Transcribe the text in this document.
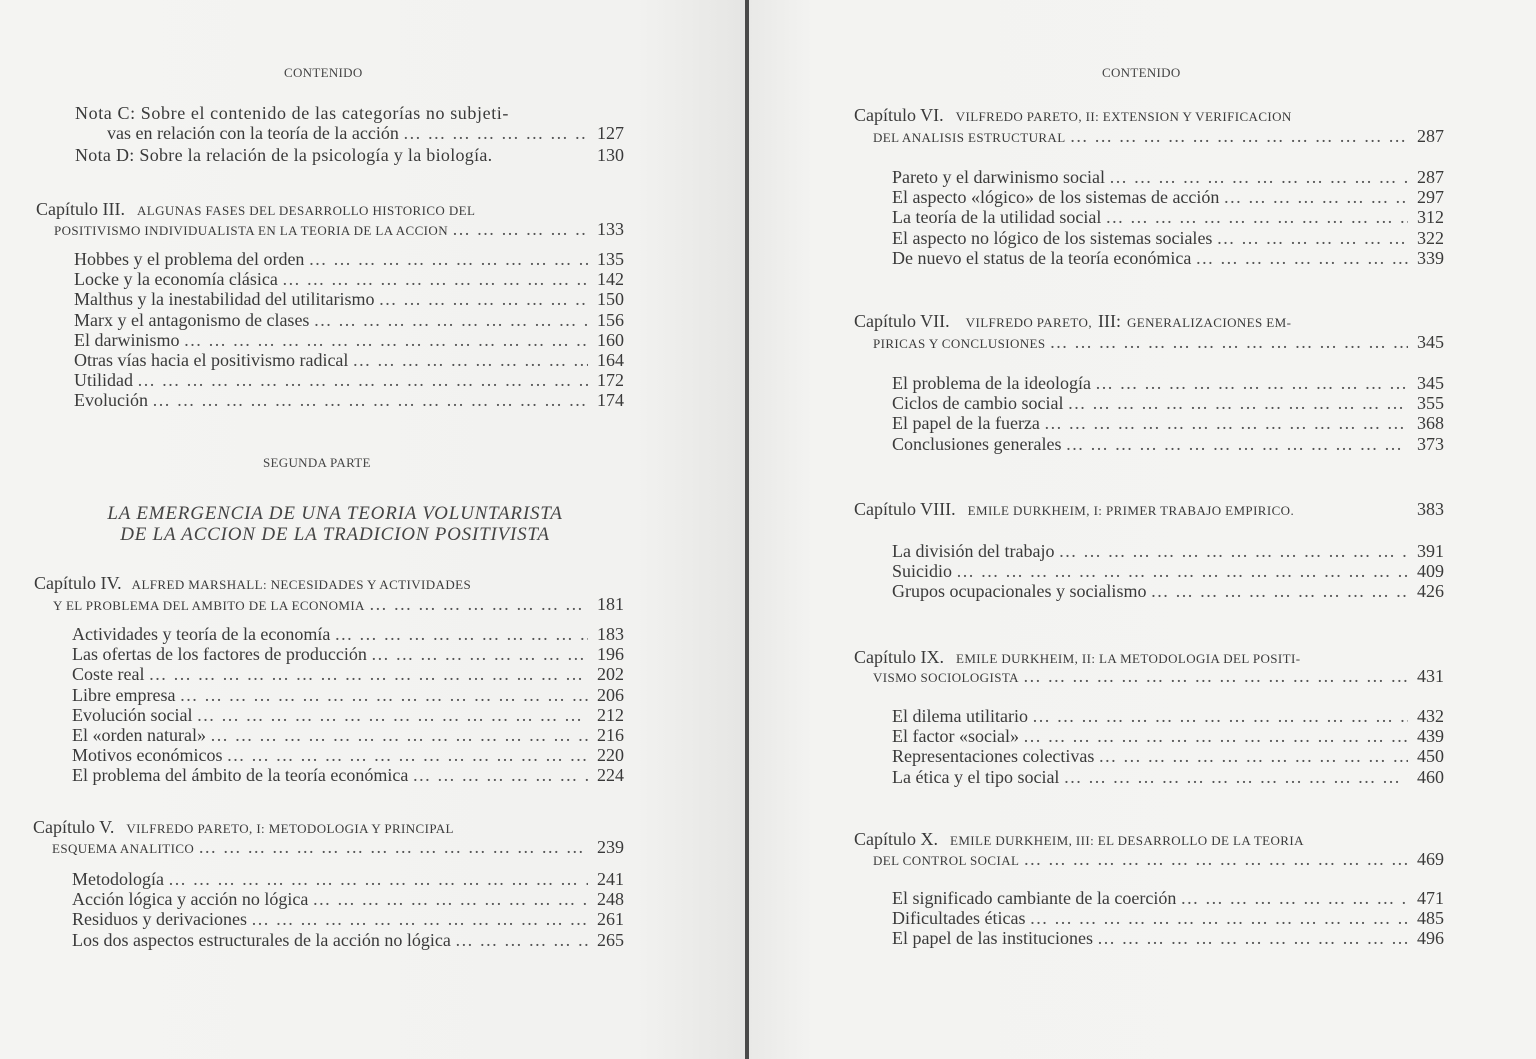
CONTENIDO
Nota C: Sobre el contenido de las categorías no subjeti-
vas en relación con la teoría de la acción … … … … … … … … … … … … … … … … … … … … … … … … … … … … … … … … … … … …	127
Nota D: Sobre la relación de la psicología y la biología.	130
Capítulo III. ALGUNAS FASES DEL DESARROLLO HISTORICO DEL
POSITIVISMO INDIVIDUALISTA EN LA TEORIA DE LA ACCION … … … … … … … … … … … … … … … … … … … … … … … … … … … … … … … … … … … …	133
Hobbes y el problema del orden … … … … … … … … … … … … … … … … … … … … … … … … … … … … … … … … … … … …	135
Locke y la economía clásica … … … … … … … … … … … … … … … … … … … … … … … … … … … … … … … … … … … …	142
Malthus y la inestabilidad del utilitarismo … … … … … … … … … … … … … … … … … … … … … … … … … … … … … … … … … … … …	150
Marx y el antagonismo de clases … … … … … … … … … … … … … … … … … … … … … … … … … … … … … … … … … … … …	156
El darwinismo … … … … … … … … … … … … … … … … … … … … … … … … … … … … … … … … … … … …	160
Otras vías hacia el positivismo radical … … … … … … … … … … … … … … … … … … … … … … … … … … … … … … … … … … … …	164
Utilidad … … … … … … … … … … … … … … … … … … … … … … … … … … … … … … … … … … … …	172
Evolución … … … … … … … … … … … … … … … … … … … … … … … … … … … … … … … … … … … …	174
SEGUNDA PARTE
LA EMERGENCIA DE UNA TEORIA VOLUNTARISTA
DE LA ACCION DE LA TRADICION POSITIVISTA
Capítulo IV. ALFRED MARSHALL: NECESIDADES Y ACTIVIDADES
Y EL PROBLEMA DEL AMBITO DE LA ECONOMIA … … … … … … … … … … … … … … … … … … … … … … … … … … … … … … … … … … … …	181
Actividades y teoría de la economía … … … … … … … … … … … … … … … … … … … … … … … … … … … … … … … … … … … …	183
Las ofertas de los factores de producción … … … … … … … … … … … … … … … … … … … … … … … … … … … … … … … … … … … …	196
Coste real … … … … … … … … … … … … … … … … … … … … … … … … … … … … … … … … … … … …	202
Libre empresa … … … … … … … … … … … … … … … … … … … … … … … … … … … … … … … … … … … …	206
Evolución social … … … … … … … … … … … … … … … … … … … … … … … … … … … … … … … … … … … …	212
El «orden natural» … … … … … … … … … … … … … … … … … … … … … … … … … … … … … … … … … … … …	216
Motivos económicos … … … … … … … … … … … … … … … … … … … … … … … … … … … … … … … … … … … …	220
El problema del ámbito de la teoría económica … … … … … … … … … … … … … … … … … … … … … … … … … … … … … … … … … … … …	224
Capítulo V. VILFREDO PARETO, I: METODOLOGIA Y PRINCIPAL
ESQUEMA ANALITICO … … … … … … … … … … … … … … … … … … … … … … … … … … … … … … … … … … … …	239
Metodología … … … … … … … … … … … … … … … … … … … … … … … … … … … … … … … … … … … …	241
Acción lógica y acción no lógica … … … … … … … … … … … … … … … … … … … … … … … … … … … … … … … … … … … …	248
Residuos y derivaciones … … … … … … … … … … … … … … … … … … … … … … … … … … … … … … … … … … … …	261
Los dos aspectos estructurales de la acción no lógica … … … … … … … … … … … … … … … … … … … … … … … … … … … … … … … … … … … …	265
CONTENIDO
Capítulo VI. VILFREDO PARETO, II: EXTENSION Y VERIFICACION
DEL ANALISIS ESTRUCTURAL … … … … … … … … … … … … … … … … … … … … … … … … … … … … … … … … … … … …	287
Pareto y el darwinismo social … … … … … … … … … … … … … … … … … … … … … … … … … … … … … … … … … … … …	287
El aspecto «lógico» de los sistemas de acción … … … … … … … … … … … … … … … … … … … … … … … … … … … … … … … … … … … …	297
La teoría de la utilidad social … … … … … … … … … … … … … … … … … … … … … … … … … … … … … … … … … … … …	312
El aspecto no lógico de los sistemas sociales … … … … … … … … … … … … … … … … … … … … … … … … … … … … … … … … … … … …	322
De nuevo el status de la teoría económica … … … … … … … … … … … … … … … … … … … … … … … … … … … … … … … … … … … …	339
Capítulo VII. VILFREDO PARETO, III: GENERALIZACIONES EM-
PIRICAS Y CONCLUSIONES … … … … … … … … … … … … … … … … … … … … … … … … … … … … … … … … … … … …	345
El problema de la ideología … … … … … … … … … … … … … … … … … … … … … … … … … … … … … … … … … … … …	345
Ciclos de cambio social … … … … … … … … … … … … … … … … … … … … … … … … … … … … … … … … … … … …	355
El papel de la fuerza … … … … … … … … … … … … … … … … … … … … … … … … … … … … … … … … … … … …	368
Conclusiones generales … … … … … … … … … … … … … … … … … … … … … … … … … … … … … … … … … … … …	373
Capítulo VIII. EMILE DURKHEIM, I: PRIMER TRABAJO EMPIRICO.	383
La división del trabajo … … … … … … … … … … … … … … … … … … … … … … … … … … … … … … … … … … … …	391
Suicidio … … … … … … … … … … … … … … … … … … … … … … … … … … … … … … … … … … … …	409
Grupos ocupacionales y socialismo … … … … … … … … … … … … … … … … … … … … … … … … … … … … … … … … … … … …	426
Capítulo IX. EMILE DURKHEIM, II: LA METODOLOGIA DEL POSITI-
VISMO SOCIOLOGISTA … … … … … … … … … … … … … … … … … … … … … … … … … … … … … … … … … … … …	431
El dilema utilitario … … … … … … … … … … … … … … … … … … … … … … … … … … … … … … … … … … … …	432
El factor «social» … … … … … … … … … … … … … … … … … … … … … … … … … … … … … … … … … … … …	439
Representaciones colectivas … … … … … … … … … … … … … … … … … … … … … … … … … … … … … … … … … … … …	450
La ética y el tipo social … … … … … … … … … … … … … … … … … … … … … … … … … … … … … … … … … … … …	460
Capítulo X. EMILE DURKHEIM, III: EL DESARROLLO DE LA TEORIA
DEL CONTROL SOCIAL … … … … … … … … … … … … … … … … … … … … … … … … … … … … … … … … … … … …	469
El significado cambiante de la coerción … … … … … … … … … … … … … … … … … … … … … … … … … … … … … … … … … … … …	471
Dificultades éticas … … … … … … … … … … … … … … … … … … … … … … … … … … … … … … … … … … … …	485
El papel de las instituciones … … … … … … … … … … … … … … … … … … … … … … … … … … … … … … … … … … … …	496
